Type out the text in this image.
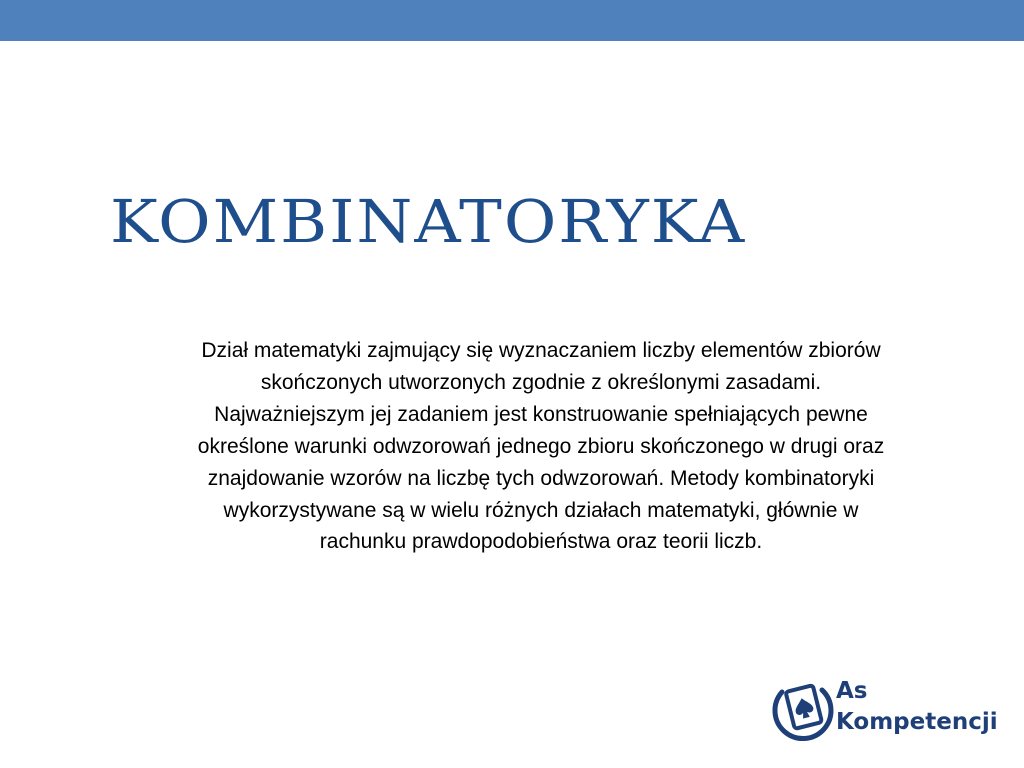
KOMBINATORYKA

Dział matematyki zajmujący się wyznaczaniem liczby elementów zbiorów skończonych utworzonych zgodnie z określonymi zasadami. Najważniejszym jej zadaniem jest konstruowanie spełniających pewne określone warunki odwzorowań jednego zbioru skończonego w drugi oraz znajdowanie wzorów na liczbę tych odwzorowań. Metody kombinatoryki wykorzystywane są w wielu różnych działach matematyki, głównie w rachunku prawdopodobieństwa oraz teorii liczb.

As
Kompetencji
